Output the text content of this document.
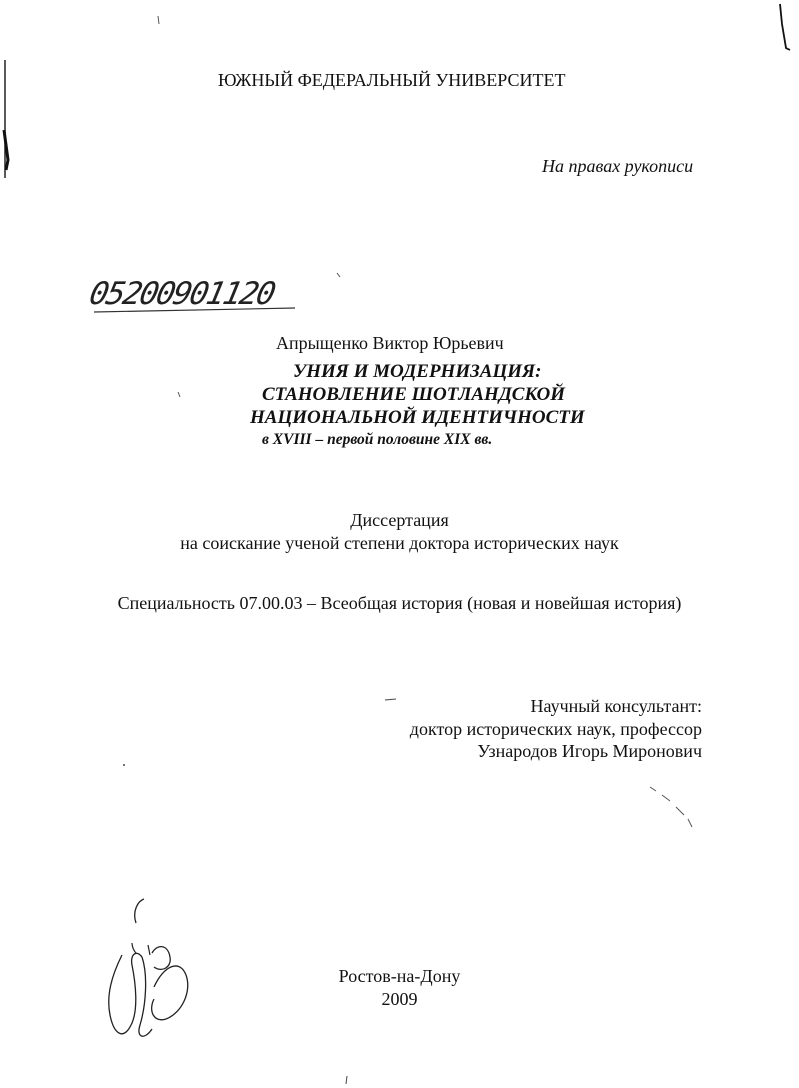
ЮЖНЫЙ ФЕДЕРАЛЬНЫЙ УНИВЕРСИТЕТ

На правах рукописи

05200901120

Апрыщенко Виктор Юрьевич

УНИЯ И МОДЕРНИЗАЦИЯ:

СТАНОВЛЕНИЕ ШОТЛАНДСКОЙ

НАЦИОНАЛЬНОЙ ИДЕНТИЧНОСТИ

в XVIII – первой половине XIX вв.

Диссертация

на соискание ученой степени доктора исторических наук

Специальность 07.00.03 – Всеобщая история (новая и новейшая история)

Научный консультант:

доктор исторических наук, профессор

Узнародов Игорь Миронович

Ростов-на-Дону

2009
